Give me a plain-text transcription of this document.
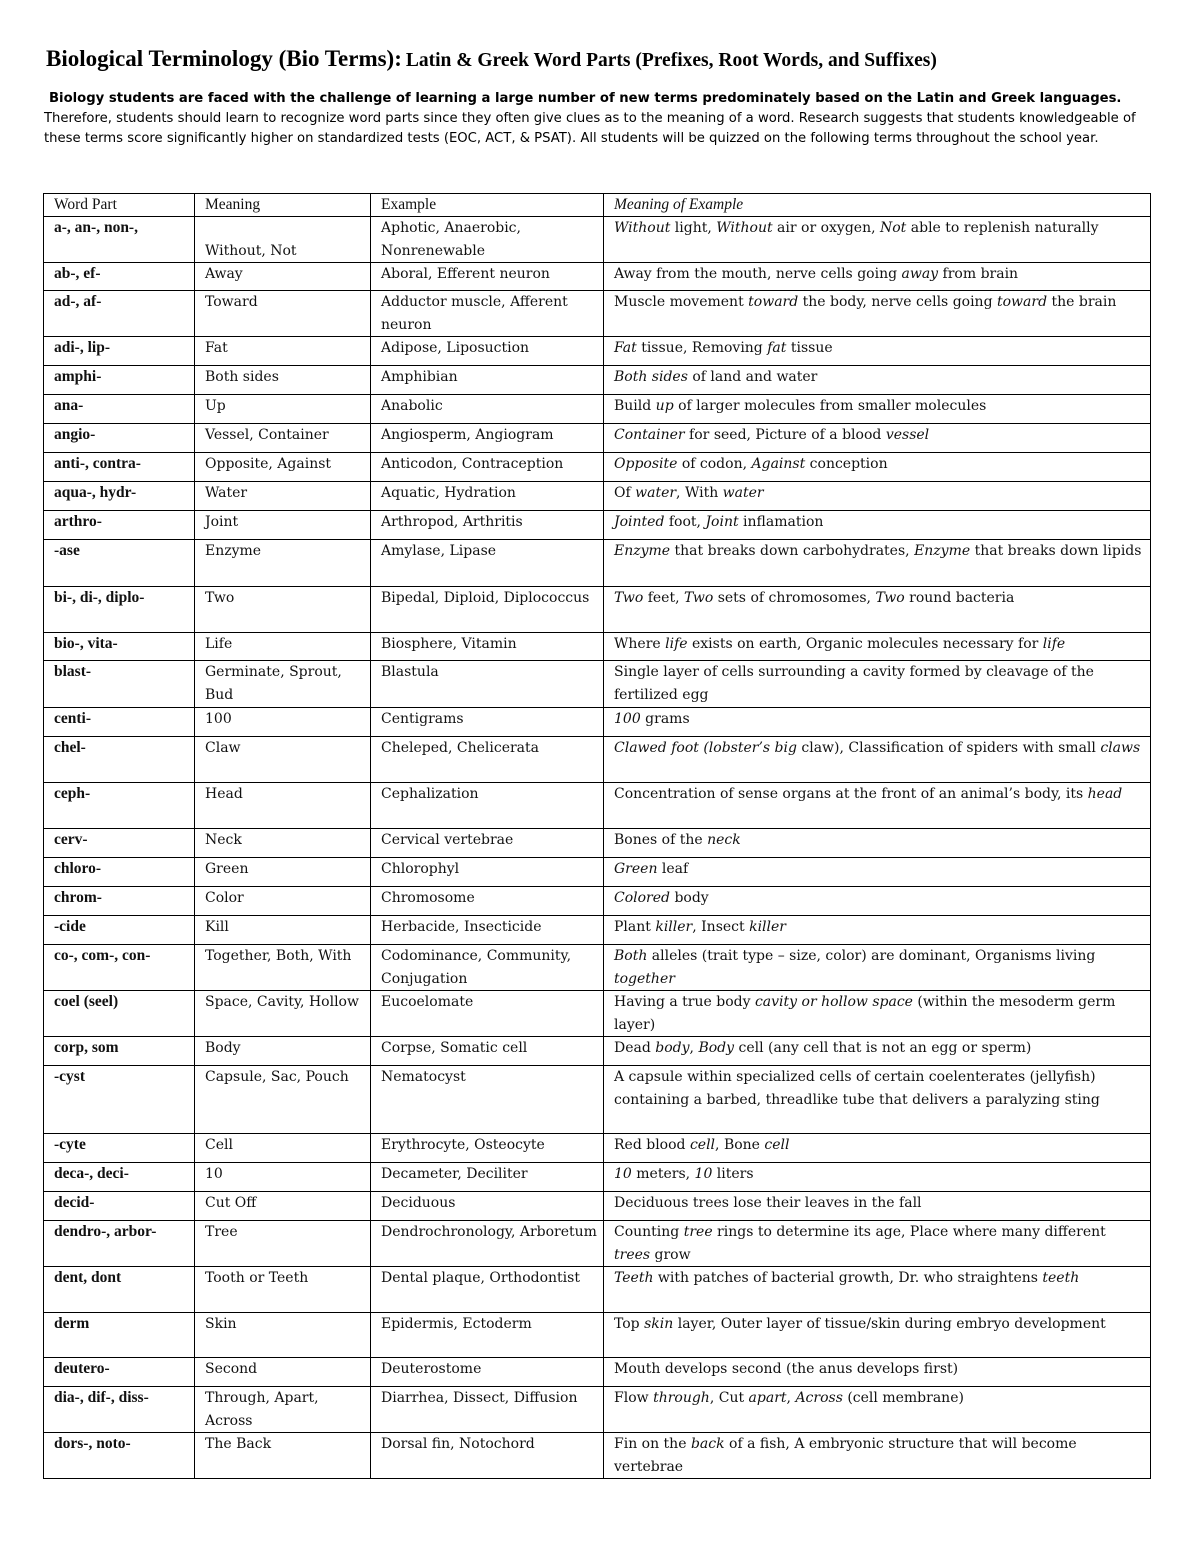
Biological Terminology (Bio Terms): Latin & Greek Word Parts (Prefixes, Root Words, and Suffixes)
Biology students are faced with the challenge of learning a large number of new terms predominately based on the Latin and Greek languages.
Therefore, students should learn to recognize word parts since they often give clues as to the meaning of a word. Research suggests that students knowledgeable of these terms score significantly higher on standardized tests (EOC, ACT, & PSAT). All students will be quizzed on the following terms throughout the school year.
Word Part	Meaning	Example	Meaning of Example
a-, an-, non-,	Without, Not	Aphotic, Anaerobic, Nonrenewable	Without light, Without air or oxygen, Not able to replenish naturally
ab-, ef-	Away	Aboral, Efferent neuron	Away from the mouth, nerve cells going away from brain
ad-, af-	Toward	Adductor muscle, Afferent neuron	Muscle movement toward the body, nerve cells going toward the brain
adi-, lip-	Fat	Adipose, Liposuction	Fat tissue, Removing fat tissue
amphi-	Both sides	Amphibian	Both sides of land and water
ana-	Up	Anabolic	Build up of larger molecules from smaller molecules
angio-	Vessel, Container	Angiosperm, Angiogram	Container for seed, Picture of a blood vessel
anti-, contra-	Opposite, Against	Anticodon, Contraception	Opposite of codon, Against conception
aqua-, hydr-	Water	Aquatic, Hydration	Of water, With water
arthro-	Joint	Arthropod, Arthritis	Jointed foot, Joint inflamation
-ase	Enzyme	Amylase, Lipase	Enzyme that breaks down carbohydrates, Enzyme that breaks down lipids
bi-, di-, diplo-	Two	Bipedal, Diploid, Diplococcus	Two feet, Two sets of chromosomes, Two round bacteria
bio-, vita-	Life	Biosphere, Vitamin	Where life exists on earth, Organic molecules necessary for life
blast-	Germinate, Sprout, Bud	Blastula	Single layer of cells surrounding a cavity formed by cleavage of the fertilized egg
centi-	100	Centigrams	100 grams
chel-	Claw	Cheleped, Chelicerata	Clawed foot (lobster’s big claw), Classification of spiders with small claws
ceph-	Head	Cephalization	Concentration of sense organs at the front of an animal’s body, its head
cerv-	Neck	Cervical vertebrae	Bones of the neck
chloro-	Green	Chlorophyl	Green leaf
chrom-	Color	Chromosome	Colored body
-cide	Kill	Herbacide, Insecticide	Plant killer, Insect killer
co-, com-, con-	Together, Both, With	Codominance, Community, Conjugation	Both alleles (trait type – size, color) are dominant, Organisms living together
coel (seel)	Space, Cavity, Hollow	Eucoelomate	Having a true body cavity or hollow space (within the mesoderm germ layer)
corp, som	Body	Corpse, Somatic cell	Dead body, Body cell (any cell that is not an egg or sperm)
-cyst	Capsule, Sac, Pouch	Nematocyst	A capsule within specialized cells of certain coelenterates (jellyfish) containing a barbed, threadlike tube that delivers a paralyzing sting
-cyte	Cell	Erythrocyte, Osteocyte	Red blood cell, Bone cell
deca-, deci-	10	Decameter, Deciliter	10 meters, 10 liters
decid-	Cut Off	Deciduous	Deciduous trees lose their leaves in the fall
dendro-, arbor-	Tree	Dendrochronology, Arboretum	Counting tree rings to determine its age, Place where many different trees grow
dent, dont	Tooth or Teeth	Dental plaque, Orthodontist	Teeth with patches of bacterial growth, Dr. who straightens teeth
derm	Skin	Epidermis, Ectoderm	Top skin layer, Outer layer of tissue/skin during embryo development
deutero-	Second	Deuterostome	Mouth develops second (the anus develops first)
dia-, dif-, diss-	Through, Apart, Across	Diarrhea, Dissect, Diffusion	Flow through, Cut apart, Across (cell membrane)
dors-, noto-	The Back	Dorsal fin, Notochord	Fin on the back of a fish, A embryonic structure that will become vertebrae
